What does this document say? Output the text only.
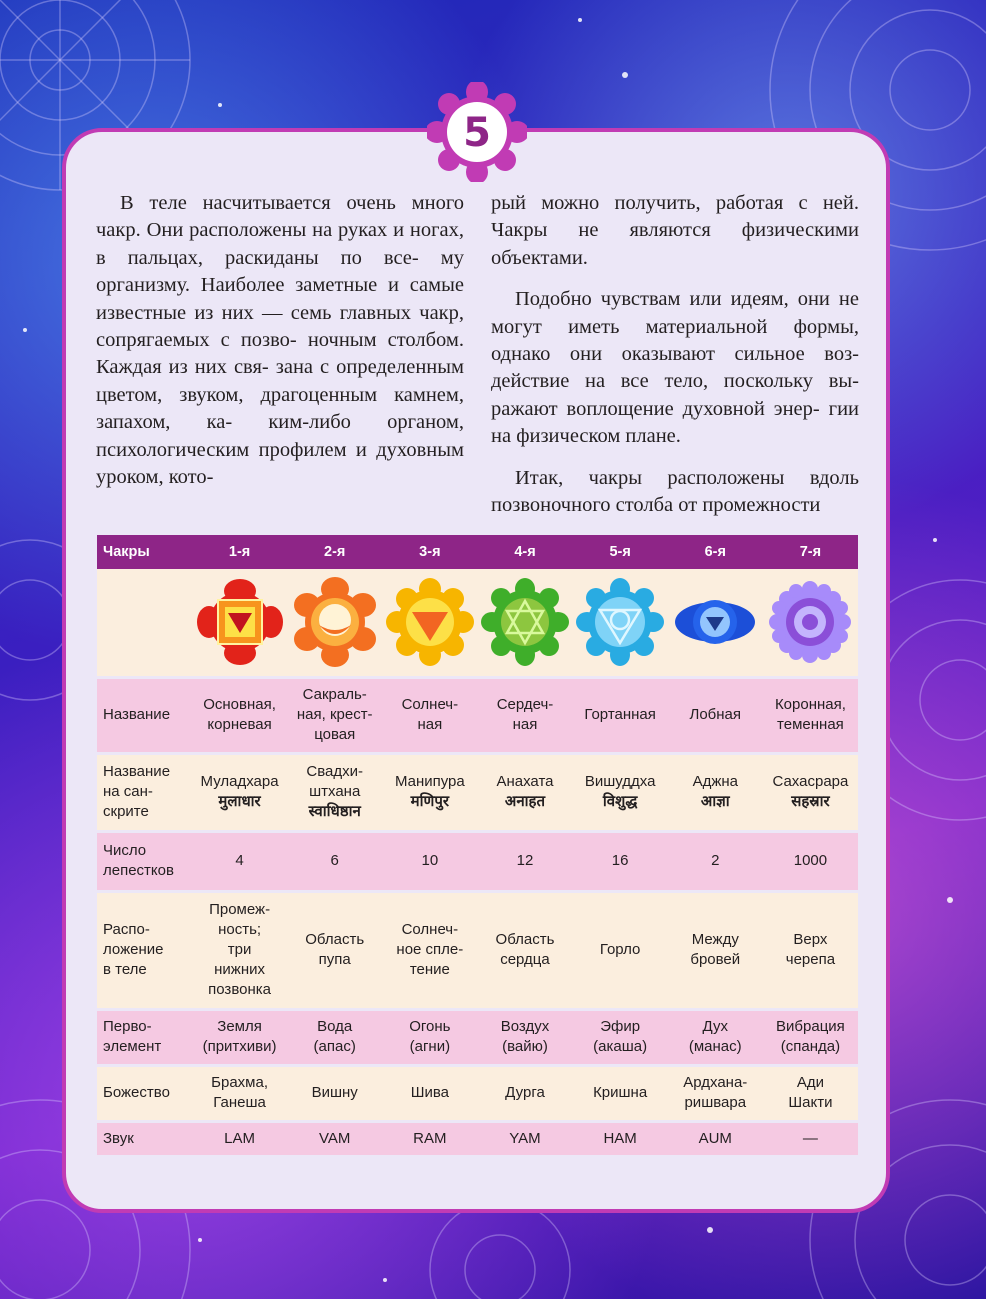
5

В теле насчитывается очень много чакр. Они расположены на руках и ногах, в пальцах, раскиданы по все- му организму. Наиболее заметные и самые известные из них — семь главных чакр, сопрягаемых с позво- ночным столбом. Каждая из них свя- зана с определенным цветом, звуком, драгоценным камнем, запахом, ка- ким-либо органом, психологическим профилем и духовным уроком, кото-

рый можно получить, работая с ней. Чакры не являются физическими объектами.

Подобно чувствам или идеям, они не могут иметь материальной формы, однако они оказывают сильное воз- действие на все тело, поскольку вы- ражают воплощение духовной энер- гии на физическом плане.

Итак, чакры расположены вдоль позвоночного столба от промежности

Чакры	1-я	2-я	3-я	4-я	5-я	6-я	7-я

Название	Основная,
корневая	Сакраль-
ная, крест-
цовая	Солнеч-
ная	Сердеч-
ная	Гортанная	Лобная	Коронная,
теменная

Название
на сан-
скрите	Муладхара
मुलाधार	Свадхи-
штхана
स्वाधिष्ठान	Манипура
मणिपुर	Анахата
अनाहत	Вишуддха
विशुद्ध	Аджна
आज्ञा	Сахасрара
सहस्रार

Число
лепестков	4	6	10	12	16	2	1000

Распо-
ложение
в теле	Промеж-
ность;
три
нижних
позвонка	Область
пупа	Солнеч-
ное спле-
тение	Область
сердца	Горло	Между
бровей	Верх
черепа

Перво-
элемент	Земля
(притхиви)	Вода
(апас)	Огонь
(агни)	Воздух
(вайю)	Эфир
(акаша)	Дух
(манас)	Вибрация
(спанда)

Божество	Брахма,
Ганеша	Вишну	Шива	Дурга	Кришна	Ардхана-
ришвара	Ади
Шакти

Звук	LAM	VAM	RAM	YAM	HAM	AUM	—
